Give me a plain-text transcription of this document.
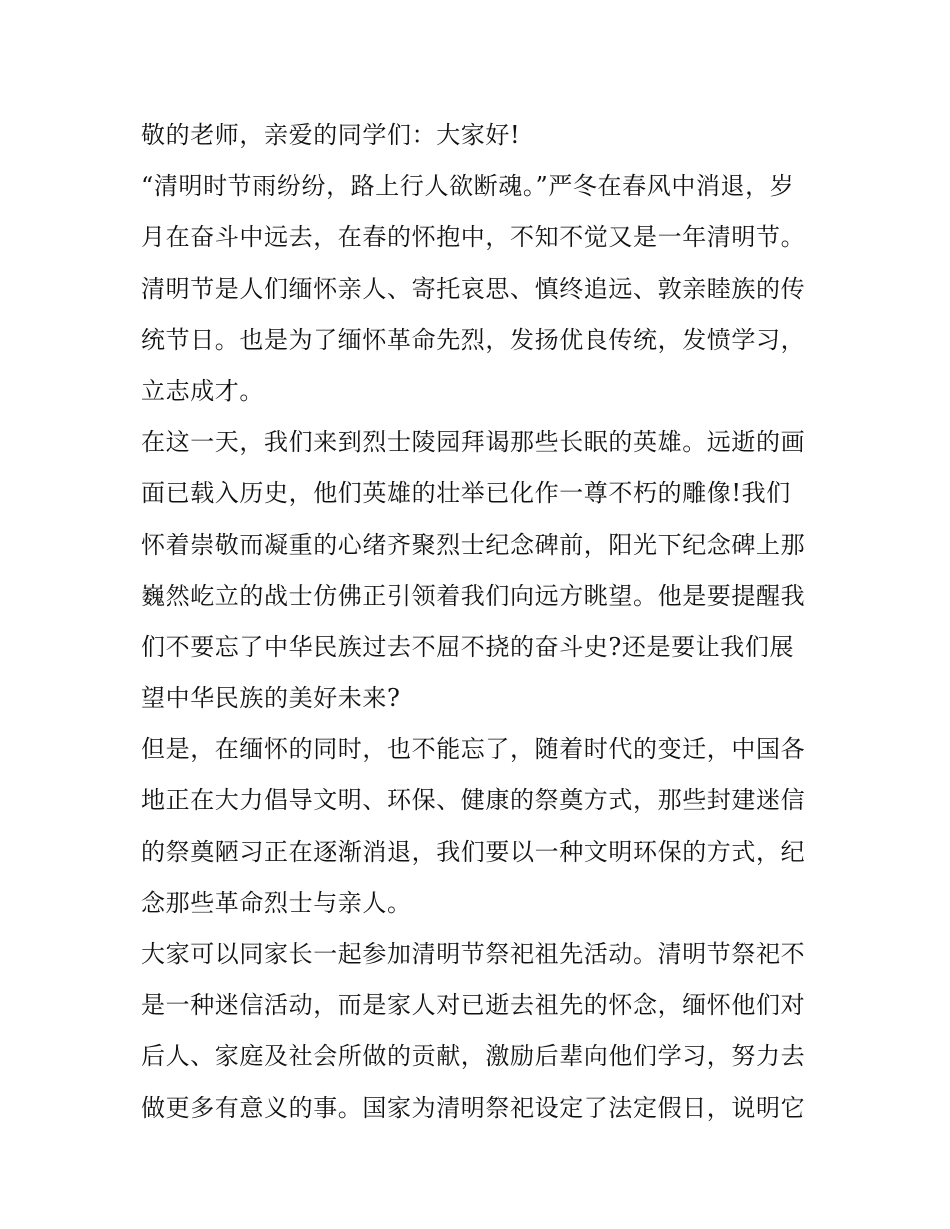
敬的老师，亲爱的同学们：大家好!
“清明时节雨纷纷，路上行人欲断魂。”严冬在春风中消退，岁
月在奋斗中远去，在春的怀抱中，不知不觉又是一年清明节。
清明节是人们缅怀亲人、寄托哀思、慎终追远、敦亲睦族的传
统节日。也是为了缅怀革命先烈，发扬优良传统，发愤学习，
立志成才。
在这一天，我们来到烈士陵园拜谒那些长眠的英雄。远逝的画
面已载入历史，他们英雄的壮举已化作一尊不朽的雕像!我们
怀着崇敬而凝重的心绪齐聚烈士纪念碑前，阳光下纪念碑上那
巍然屹立的战士仿佛正引领着我们向远方眺望。他是要提醒我
们不要忘了中华民族过去不屈不挠的奋斗史?还是要让我们展
望中华民族的美好未来?
但是，在缅怀的同时，也不能忘了，随着时代的变迁，中国各
地正在大力倡导文明、环保、健康的祭奠方式，那些封建迷信
的祭奠陋习正在逐渐消退，我们要以一种文明环保的方式，纪
念那些革命烈士与亲人。
大家可以同家长一起参加清明节祭祀祖先活动。清明节祭祀不
是一种迷信活动，而是家人对已逝去祖先的怀念，缅怀他们对
后人、家庭及社会所做的贡献，激励后辈向他们学习，努力去
做更多有意义的事。国家为清明祭祀设定了法定假日，说明它
